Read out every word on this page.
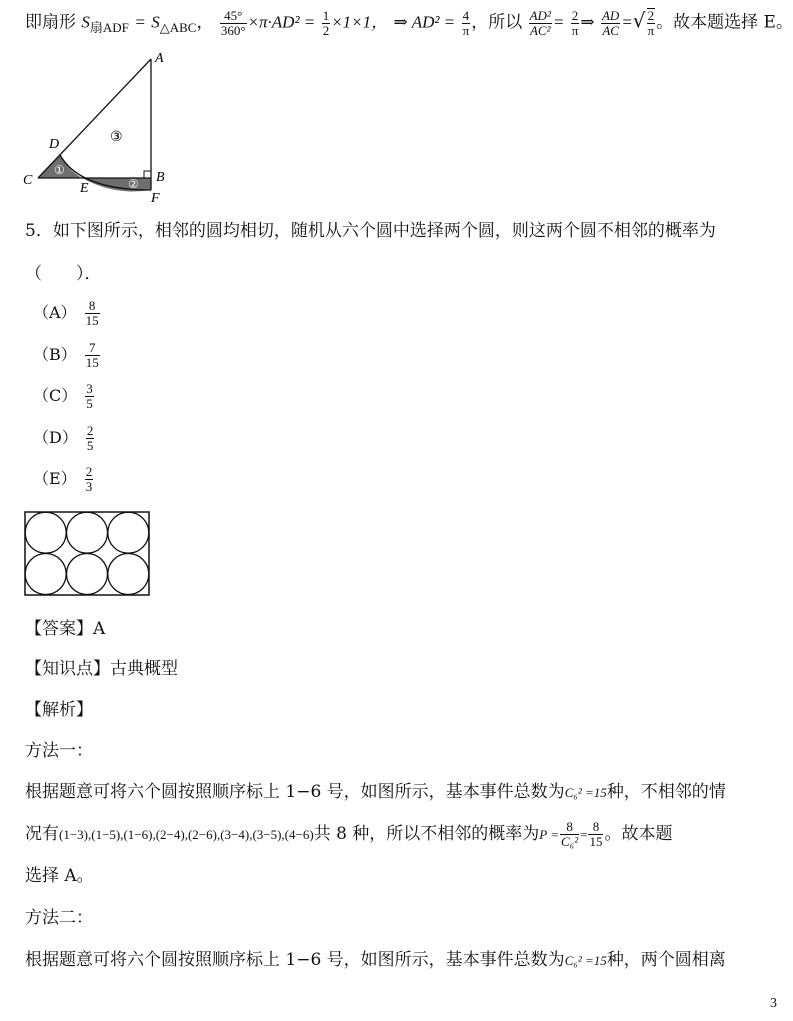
即扇形 $S_{扇ADF} = S_{\triangle ABC}$， $\frac{45^\circ}{360^\circ} \times\pi\cdot AD^2 = \frac{1}{2} \times 1\times 1$， ⇒ $AD^2 = \frac{4}{\pi}$ ，所以 $\frac{\text{AD²}}{\text{AC²}} = \frac{2}{\pi}$ ⇒ $\frac{AD}{AC}$ =√ $\frac{2}{\pi}$ 。故本题选择 E。
A
B
C
D
E
F
①
②
③
5．如下图所示，相邻的圆均相切，随机从六个圆中选择两个圆，则这两个圆不相邻的概率为
（　　）．
$(A) \frac{8}{15}$
$(B) \frac{7}{15}$
$(C) \frac{3}{5}$
$(D) \frac{2}{5}$
$(E) \frac{2}{3}$
【答案】A
【知识点】古典概型
【解析】
方法一：
根据题意可将六个圆按照顺序标上 1−6 号，如图所示，基本事件总数为C₆² =15种，不相邻的情
况有(1−3),(1−5),(1−6),(2−4),(2−6),(3−4),(3−5),(4−6)共 8 种，所以不相邻的概率为$P = \frac{8}{\text{C₆²}} = \frac{8}{15}$ 。故本题
选择 A。
方法二：
根据题意可将六个圆按照顺序标上 1−6 号，如图所示，基本事件总数为C₆² =15种，两个圆相离
3
